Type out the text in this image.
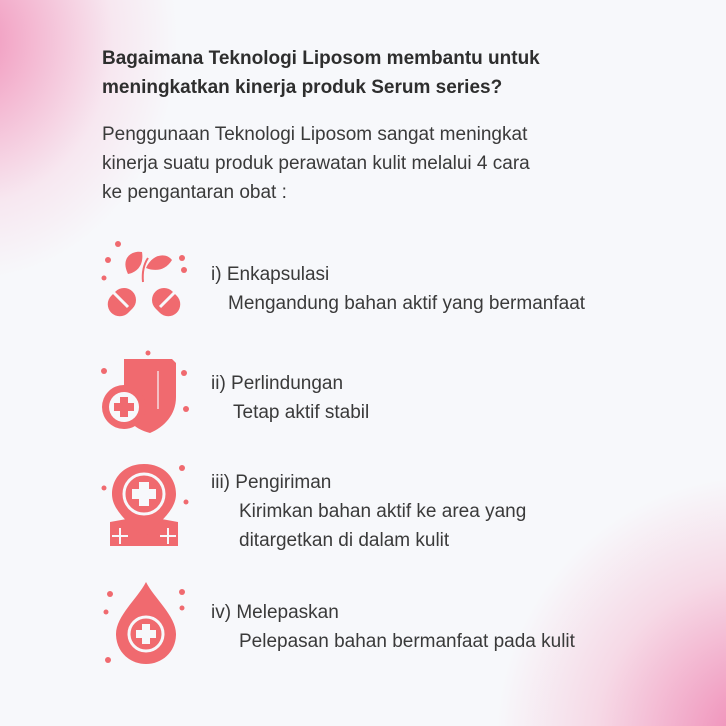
Bagaimana Teknologi Liposom membantu untuk
meningkatkan kinerja produk Serum series?

Penggunaan Teknologi Liposom sangat meningkat
kinerja suatu produk perawatan kulit melalui 4 cara
ke pengantaran obat :

i) Enkapsulasi
Mengandung bahan aktif yang bermanfaat
ii) Perlindungan
Tetap aktif stabil
iii) Pengiriman
Kirimkan bahan aktif ke area yang
ditargetkan di dalam kulit
iv) Melepaskan
Pelepasan bahan bermanfaat pada kulit
